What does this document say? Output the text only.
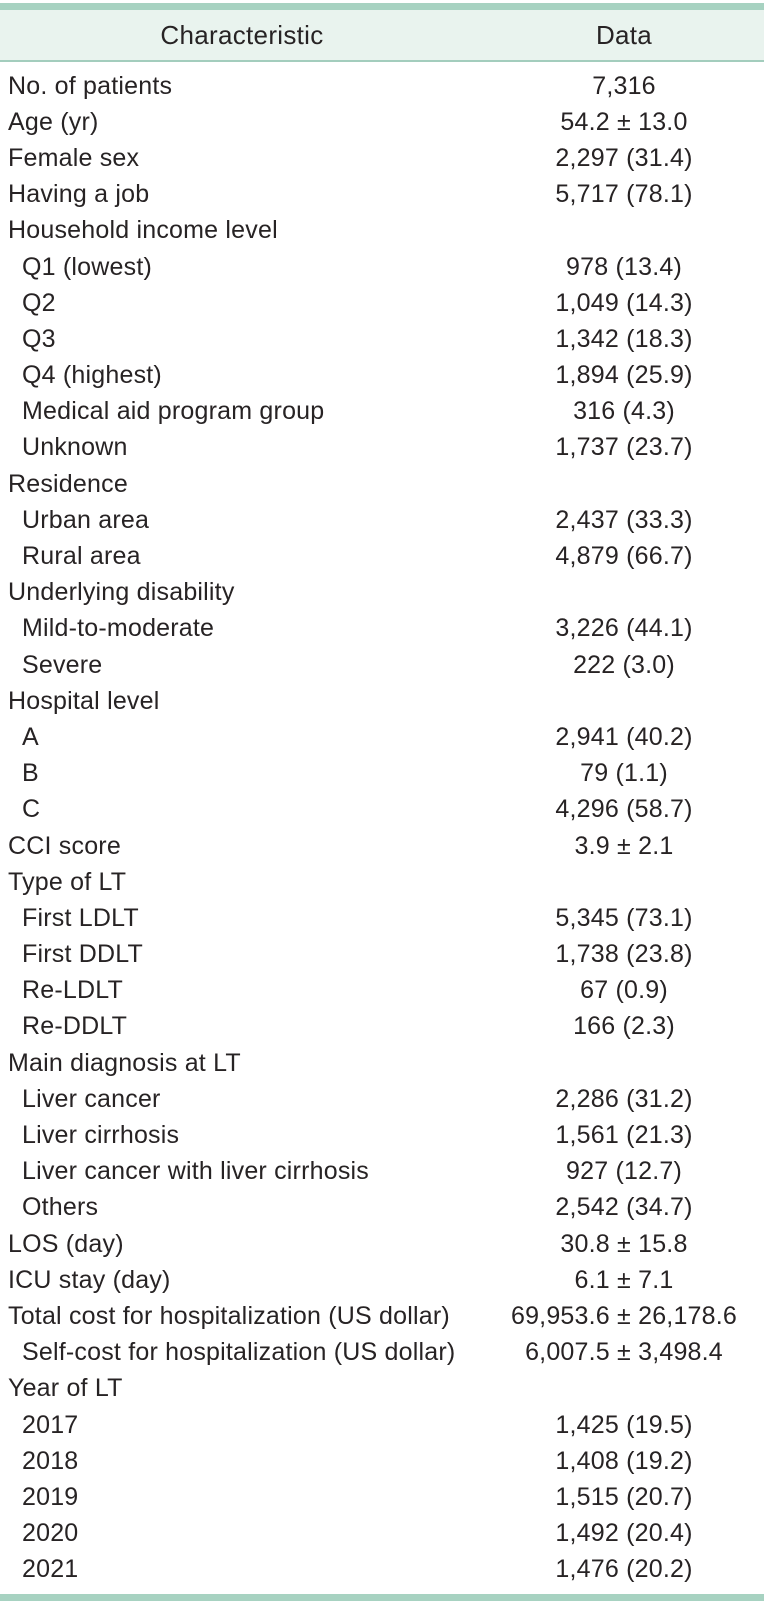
Characteristic	Data
No. of patients	7,316
Age (yr)	54.2 ± 13.0
Female sex	2,297 (31.4)
Having a job	5,717 (78.1)
Household income level
Q1 (lowest)	978 (13.4)
Q2	1,049 (14.3)
Q3	1,342 (18.3)
Q4 (highest)	1,894 (25.9)
Medical aid program group	316 (4.3)
Unknown	1,737 (23.7)
Residence
Urban area	2,437 (33.3)
Rural area	4,879 (66.7)
Underlying disability
Mild-to-moderate	3,226 (44.1)
Severe	222 (3.0)
Hospital level
A	2,941 (40.2)
B	79 (1.1)
C	4,296 (58.7)
CCI score	3.9 ± 2.1
Type of LT
First LDLT	5,345 (73.1)
First DDLT	1,738 (23.8)
Re-LDLT	67 (0.9)
Re-DDLT	166 (2.3)
Main diagnosis at LT
Liver cancer	2,286 (31.2)
Liver cirrhosis	1,561 (21.3)
Liver cancer with liver cirrhosis	927 (12.7)
Others	2,542 (34.7)
LOS (day)	30.8 ± 15.8
ICU stay (day)	6.1 ± 7.1
Total cost for hospitalization (US dollar)	69,953.6 ± 26,178.6
Self-cost for hospitalization (US dollar)	6,007.5 ± 3,498.4
Year of LT
2017	1,425 (19.5)
2018	1,408 (19.2)
2019	1,515 (20.7)
2020	1,492 (20.4)
2021	1,476 (20.2)
